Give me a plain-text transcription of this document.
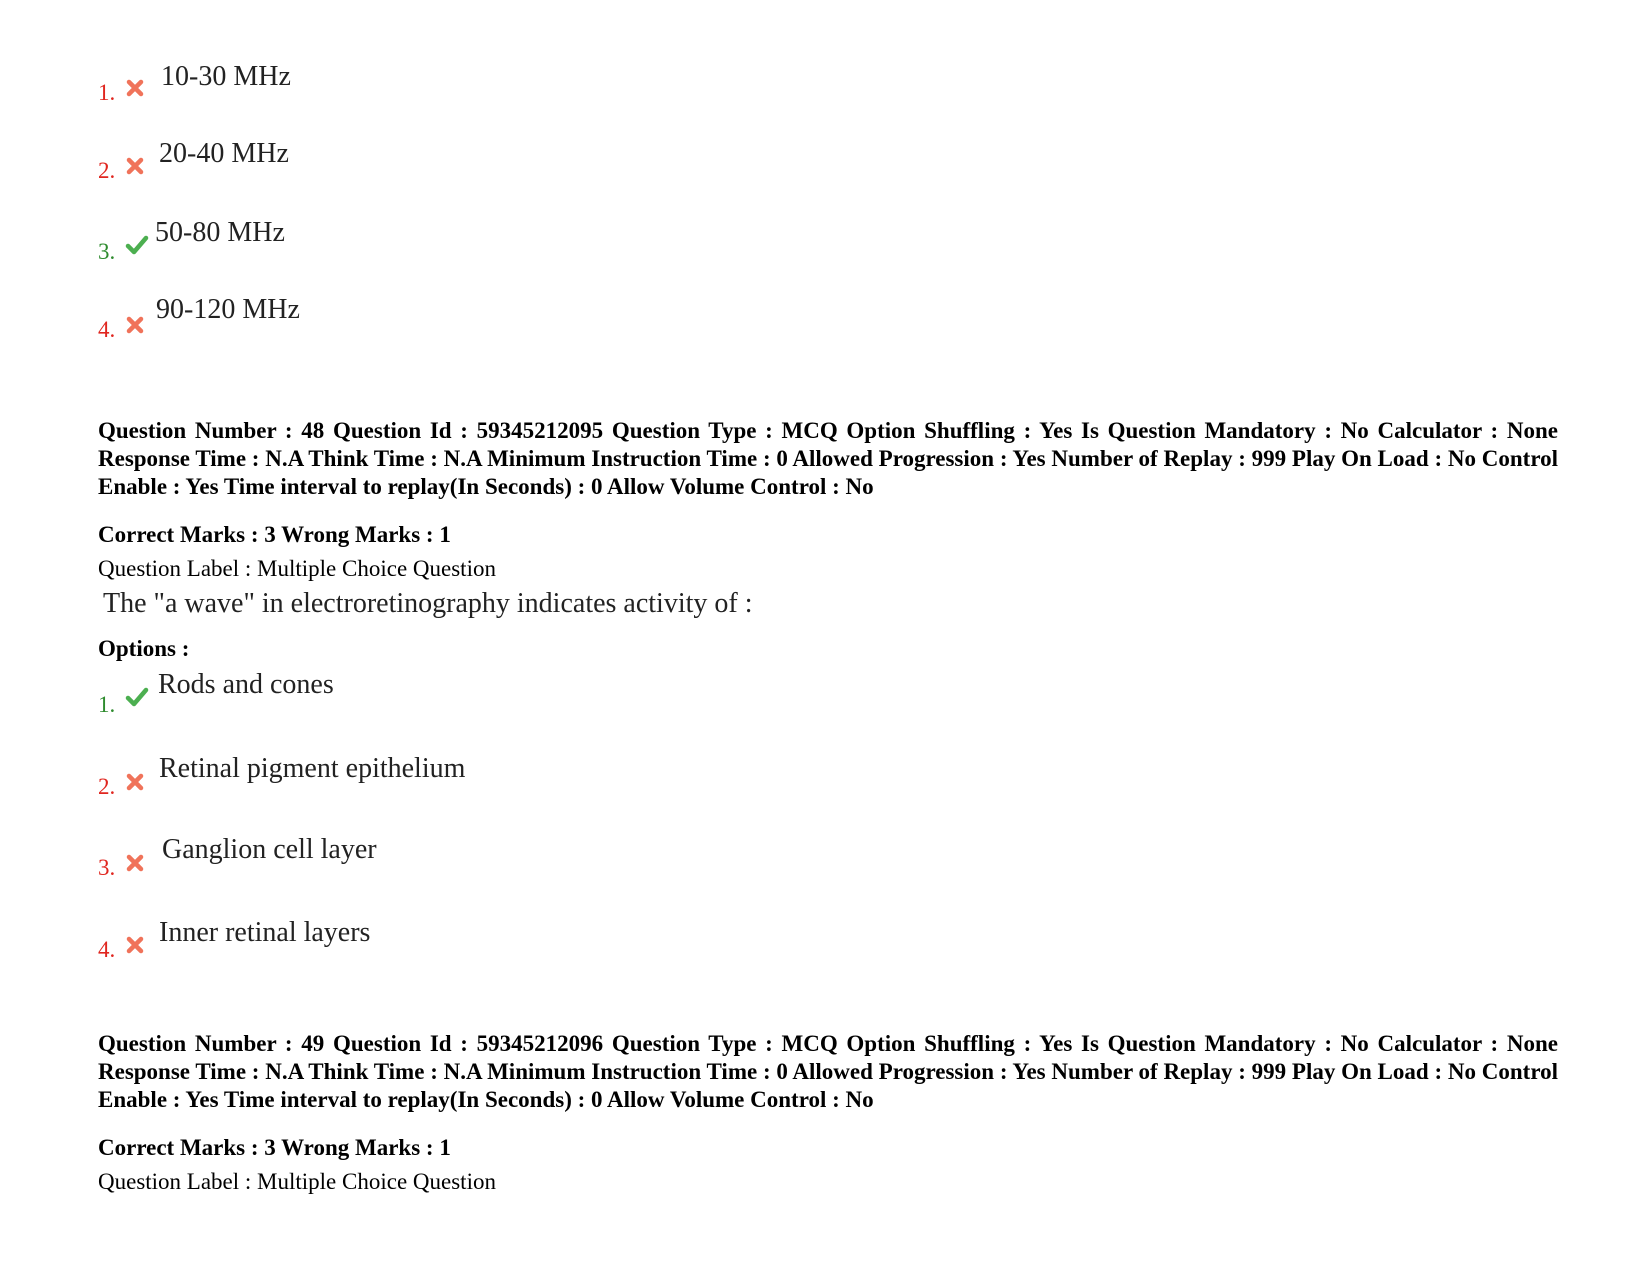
1.
10-30 MHz
2.
20-40 MHz
3.
50-80 MHz
4.
90-120 MHz
Question Number : 48 Question Id : 59345212095 Question Type : MCQ Option Shuffling : Yes Is Question Mandatory : No Calculator : None Response Time : N.A Think Time : N.A Minimum Instruction Time : 0 Allowed Progression : Yes Number of Replay : 999 Play On Load : No Control Enable : Yes Time interval to replay(In Seconds) : 0 Allow Volume Control : No
Correct Marks : 3 Wrong Marks : 1
Question Label : Multiple Choice Question
The "a wave" in electroretinography indicates activity of :
Options :
1.
Rods and cones
2.
Retinal pigment epithelium
3.
Ganglion cell layer
4.
Inner retinal layers
Question Number : 49 Question Id : 59345212096 Question Type : MCQ Option Shuffling : Yes Is Question Mandatory : No Calculator : None Response Time : N.A Think Time : N.A Minimum Instruction Time : 0 Allowed Progression : Yes Number of Replay : 999 Play On Load : No Control Enable : Yes Time interval to replay(In Seconds) : 0 Allow Volume Control : No
Correct Marks : 3 Wrong Marks : 1
Question Label : Multiple Choice Question
